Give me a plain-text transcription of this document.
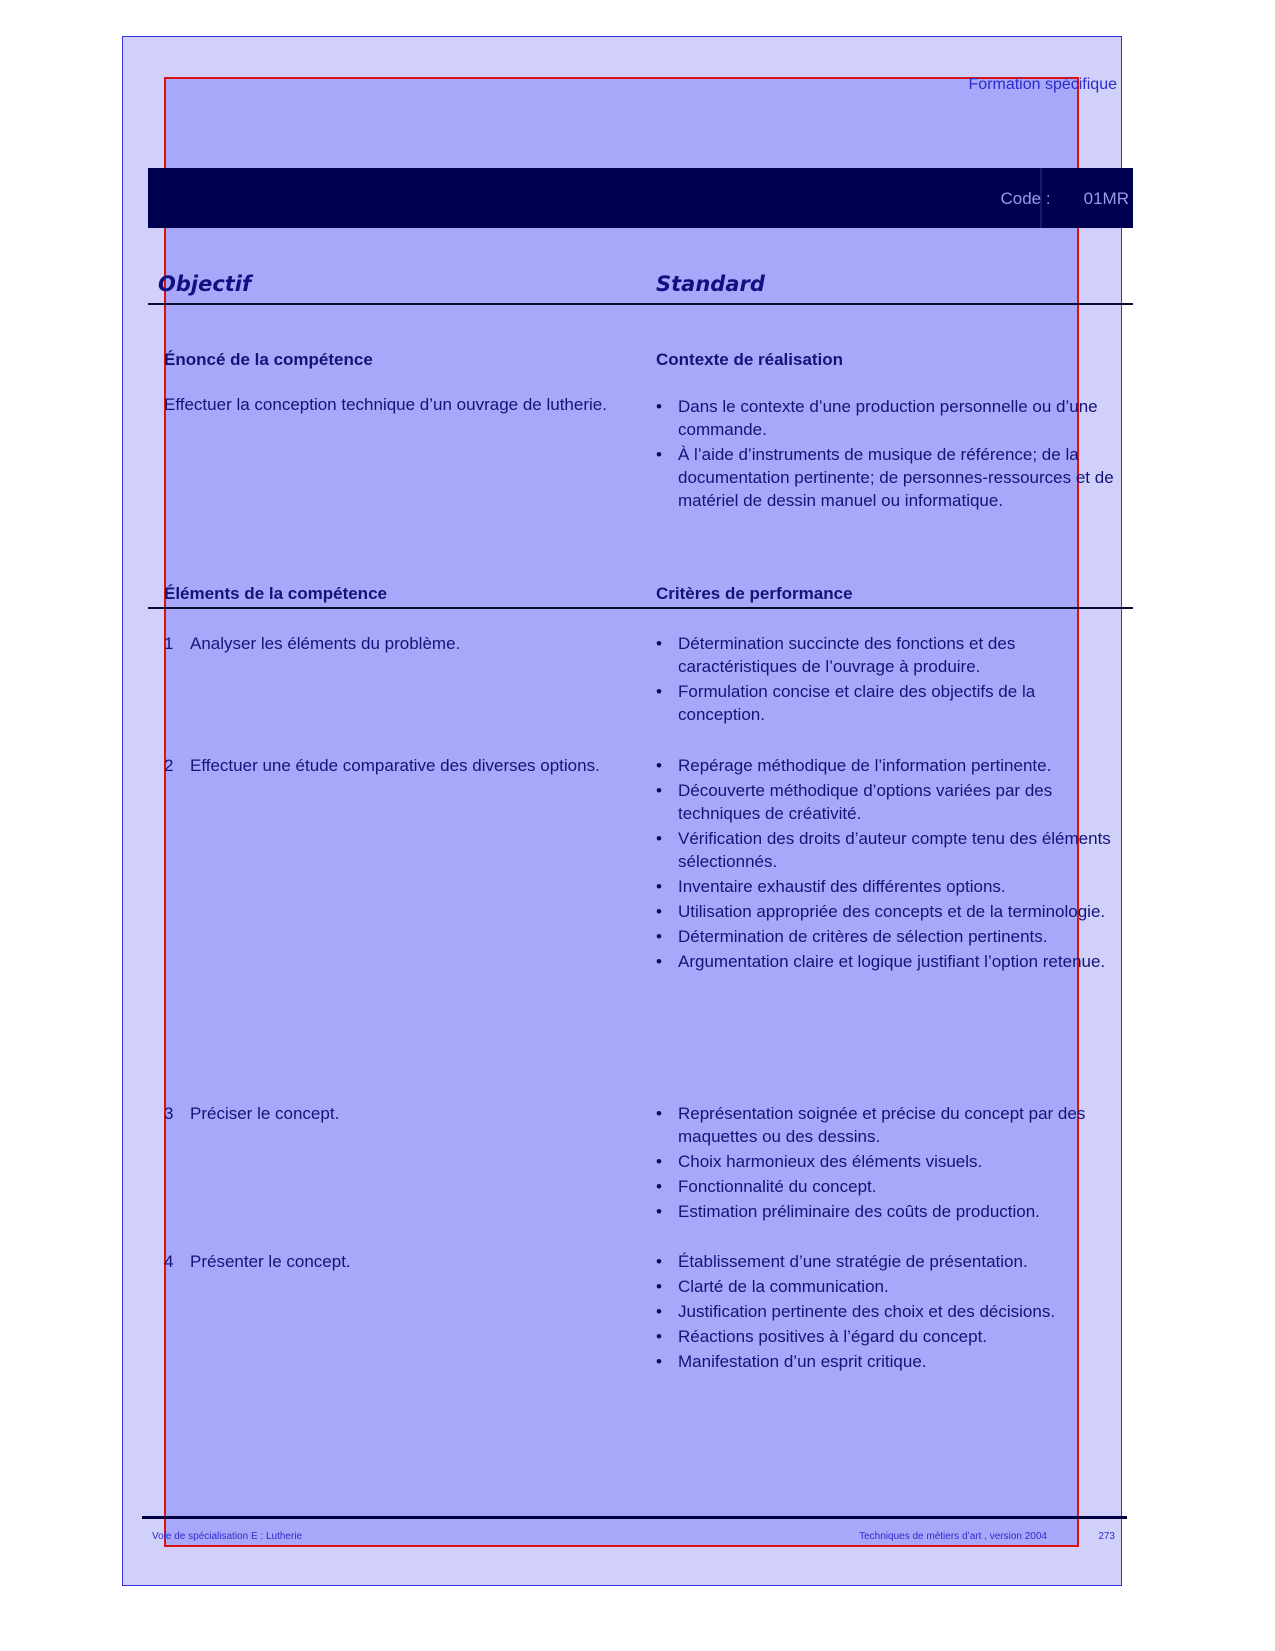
Formation spécifique
Code : 01MR
Objectif	Standard
Énoncé de la compétence	Contexte de réalisation
Effectuer la conception technique d’un ouvrage de lutherie.	• Dans le contexte d’une production personnelle ou d’une commande.
• À l’aide d’instruments de musique de référence; de la documentation pertinente; de personnes-ressources et de matériel de dessin manuel ou informatique.
Éléments de la compétence	Critères de performance
1 Analyser les éléments du problème.	• Détermination succincte des fonctions et des caractéristiques de l’ouvrage à produire.
• Formulation concise et claire des objectifs de la conception.
2 Effectuer une étude comparative des diverses options.	• Repérage méthodique de l’information pertinente.
• Découverte méthodique d’options variées par des techniques de créativité.
• Vérification des droits d’auteur compte tenu des éléments sélectionnés.
• Inventaire exhaustif des différentes options.
• Utilisation appropriée des concepts et de la terminologie.
• Détermination de critères de sélection pertinents.
• Argumentation claire et logique justifiant l’option retenue.
3 Préciser le concept.	• Représentation soignée et précise du concept par des maquettes ou des dessins.
• Choix harmonieux des éléments visuels.
• Fonctionnalité du concept.
• Estimation préliminaire des coûts de production.
4 Présenter le concept.	• Établissement d’une stratégie de présentation.
• Clarté de la communication.
• Justification pertinente des choix et des décisions.
• Réactions positives à l’égard du concept.
• Manifestation d’un esprit critique.
Voie de spécialisation E : Lutherie	Techniques de métiers d’art , version 2004	273
